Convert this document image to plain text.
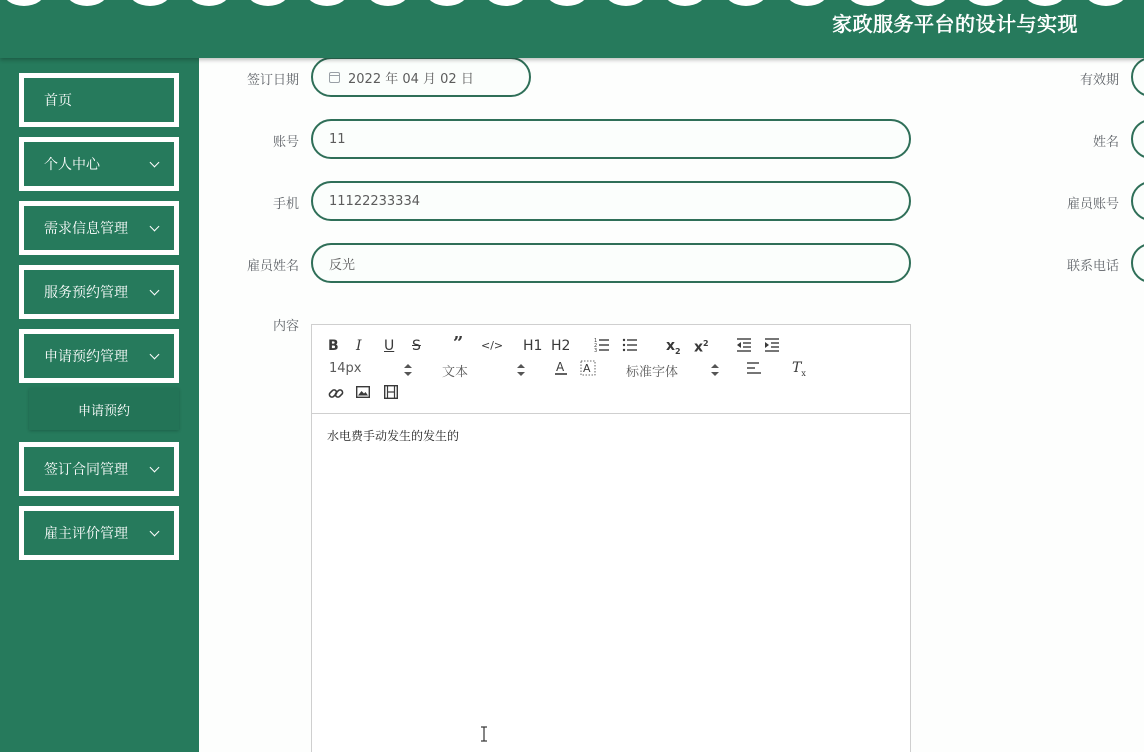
家政服务平台的设计与实现
首页
个人中心
需求信息管理
服务预约管理
申请预约管理
申请预约
签订合同管理
雇主评价管理
签订日期	2022 年 04 月 02 日	有效期
账号 11	姓名
手机 11122233334	雇员账号
雇员姓名 反光	联系电话
内容
B I U S ” </> H1 H2	1
2
3	$x_2$ $x^2$
14px	文本	A A	标准字体	$T_x$
水电费手动发生的发生的
